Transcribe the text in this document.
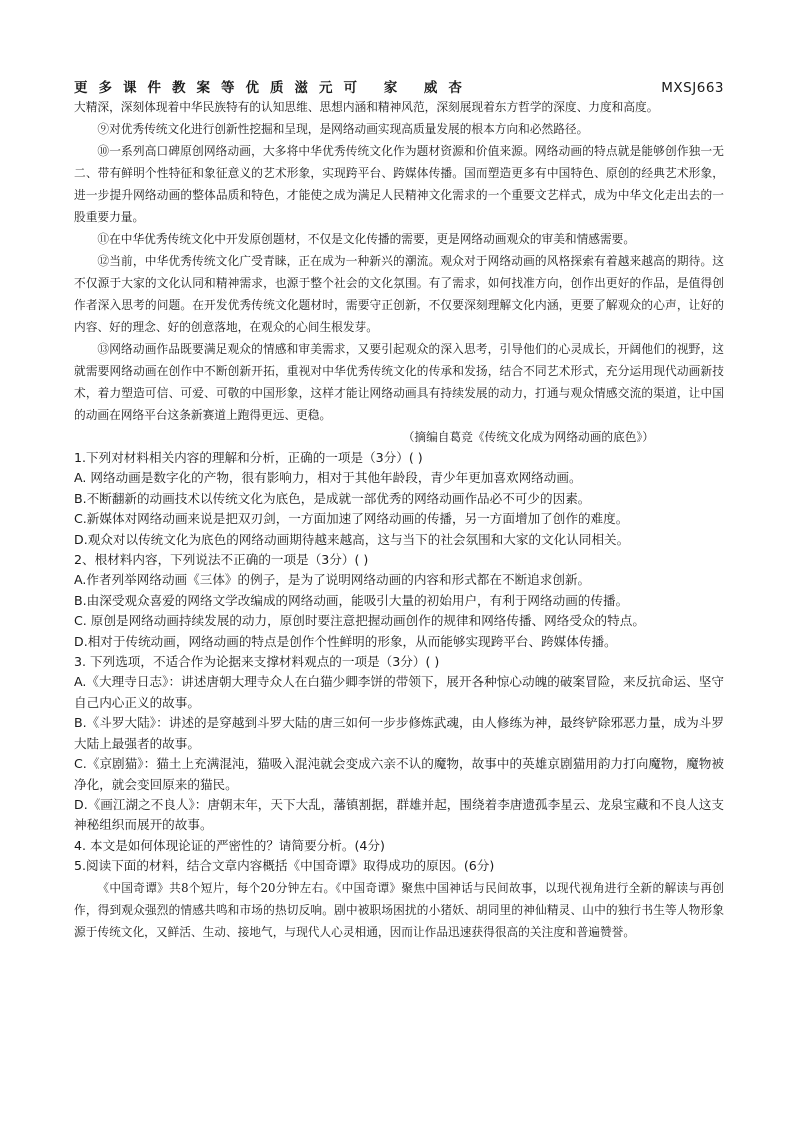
更多课件教案等优质滋元可 家 威杏	MXSJ663

大精深，深刻体现着中华民族特有的认知思维、思想内涵和精神风范，深刻展现着东方哲学的深度、力度和高度。

⑨对优秀传统文化进行创新性挖掘和呈现，是网络动画实现高质量发展的根本方向和必然路径。

⑩一系列高口碑原创网络动画，大多将中华优秀传统文化作为题材资源和价值来源。网络动画的特点就是能够创作独一无二、带有鲜明个性特征和象征意义的艺术形象，实现跨平台、跨媒体传播。国而塑造更多有中国特色、原创的经典艺术形象，进一步提升网络动画的整体品质和特色，才能使之成为满足人民精神文化需求的一个重要文艺样式，成为中华文化走出去的一股重要力量。

⑪在中华优秀传统文化中开发原创题材，不仅是文化传播的需要，更是网络动画观众的审美和情感需要。

⑫当前，中华优秀传统文化广受青睐，正在成为一种新兴的潮流。观众对于网络动画的风格探索有着越来越高的期待。这不仅源于大家的文化认同和精神需求，也源于整个社会的文化氛围。有了需求，如何找准方向，创作出更好的作品，是值得创作者深入思考的问题。在开发优秀传统文化题材时，需要守正创新，不仅要深刻理解文化内涵，更要了解观众的心声，让好的内容、好的理念、好的创意落地，在观众的心间生根发芽。

⑬网络动画作品既要满足观众的情感和审美需求，又要引起观众的深入思考，引导他们的心灵成长，开阔他们的视野，这就需要网络动画在创作中不断创新开拓，重视对中华优秀传统文化的传承和发扬，结合不同艺术形式，充分运用现代动画新技术，着力塑造可信、可爱、可敬的中国形象，这样才能让网络动画具有持续发展的动力，打通与观众情感交流的渠道，让中国的动画在网络平台这条新赛道上跑得更远、更稳。

（摘编自葛竞《传统文化成为网络动画的底色》）

1.下列对材料相关内容的理解和分析，正确的一项是（3分）( )

A. 网络动画是数字化的产物，很有影响力，相对于其他年龄段，青少年更加喜欢网络动画。

B.不断翻新的动画技术以传统文化为底色，是成就一部优秀的网络动画作品必不可少的因素。

C.新媒体对网络动画来说是把双刃剑，一方面加速了网络动画的传播，另一方面增加了创作的难度。

D.观众对以传统文化为底色的网络动画期待越来越高，这与当下的社会氛围和大家的文化认同相关。

2、根材料内容，下列说法不正确的一项是（3分）( )

A.作者列举网络动画《三体》的例子，是为了说明网络动画的内容和形式都在不断追求创新。

B.由深受观众喜爱的网络文学改编成的网络动画，能吸引大量的初始用户，有利于网络动画的传播。

C. 原创是网络动画持续发展的动力，原创时要注意把握动画创作的规律和网络传播、网络受众的特点。

D.相对于传统动画，网络动画的特点是创作个性鲜明的形象，从而能够实现跨平台、跨媒体传播。

3. 下列选项，不适合作为论据来支撑材料观点的一项是（3分）( )

A.《大理寺日志》：讲述唐朝大理寺众人在白猫少卿李饼的带领下，展开各种惊心动魄的破案冒险，来反抗命运、坚守自己内心正义的故事。

B.《斗罗大陆》：讲述的是穿越到斗罗大陆的唐三如何一步步修炼武魂，由人修练为神，最终铲除邪恶力量，成为斗罗大陆上最强者的故事。

C.《京剧猫》：猫土上充满混沌，猫吸入混沌就会变成六亲不认的魔物，故事中的英雄京剧猫用韵力打向魔物，魔物被净化，就会变回原来的猫民。

D.《画江湖之不良人》：唐朝末年，天下大乱，藩镇割据，群雄并起，围绕着李唐遗孤李星云、龙泉宝藏和不良人这支神秘组织而展开的故事。

4. 本文是如何体现论证的严密性的？请简要分析。(4分)

5.阅读下面的材料，结合文章内容概括《中国奇谭》取得成功的原因。(6分)

《中国奇谭》共8个短片，每个20分钟左右。《中国奇谭》聚焦中国神话与民间故事，以现代视角进行全新的解读与再创作，得到观众强烈的情感共鸣和市场的热切反响。剧中被职场困扰的小猪妖、胡同里的神仙精灵、山中的独行书生等人物形象源于传统文化，又鲜活、生动、接地气，与现代人心灵相通，因而让作品迅速获得很高的关注度和普遍赞誉。
